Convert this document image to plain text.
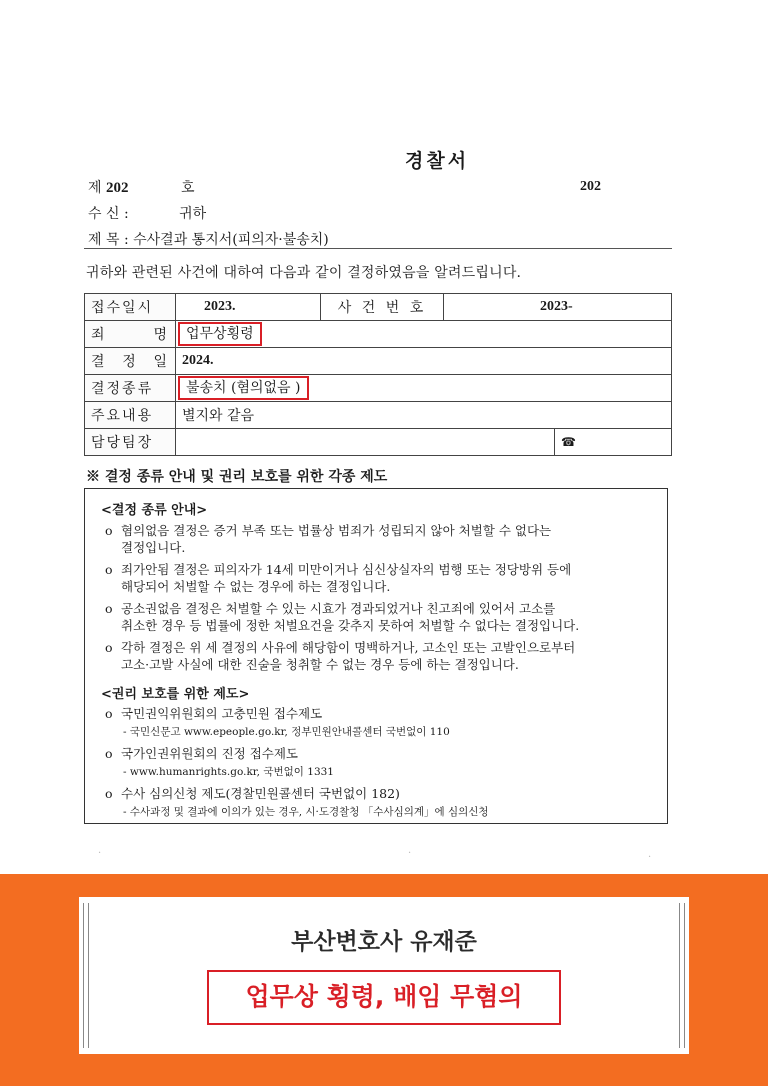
경찰서
제 202	호	202
수 신 :	귀하
제 목 : 수사결과 통지서(피의자·불송치)
귀하와 관련된 사건에 대하여 다음과 같이 결정하였음을 알려드립니다.
접수일시	2023.	사 건 번 호	2023-	
죄 명	업무상횡령			
결 정 일	2024.			
결정종류	불송치 (혐의없음 )			
주요내용	별지와 같음			
담당팀장				☎
※ 결정 종류 안내 및 권리 보호를 위한 각종 제도
<결정 종류 안내>
o 혐의없음 결정은 증거 부족 또는 법률상 범죄가 성립되지 않아 처벌할 수 없다는
결정입니다.
o 죄가안됨 결정은 피의자가 14세 미만이거나 심신상실자의 범행 또는 정당방위 등에
해당되어 처벌할 수 없는 경우에 하는 결정입니다.
o 공소권없음 결정은 처벌할 수 있는 시효가 경과되었거나 친고죄에 있어서 고소를
취소한 경우 등 법률에 정한 처벌요건을 갖추지 못하여 처벌할 수 없다는 결정입니다.
o 각하 결정은 위 세 결정의 사유에 해당함이 명백하거나, 고소인 또는 고발인으로부터
고소·고발 사실에 대한 진술을 청취할 수 없는 경우 등에 하는 결정입니다.
<권리 보호를 위한 제도>
o 국민권익위원회의 고충민원 접수제도
- 국민신문고 www.epeople.go.kr, 정부민원안내콜센터 국번없이 110
o 국가인권위원회의 진정 접수제도
- www.humanrights.go.kr, 국번없이 1331
o 수사 심의신청 제도(경찰민원콜센터 국번없이 182)
- 수사과정 및 결과에 이의가 있는 경우, 시·도경찰청 「수사심의계」에 심의신청
·	·	·
부산변호사 유재준
업무상 횡령, 배임 무혐의
